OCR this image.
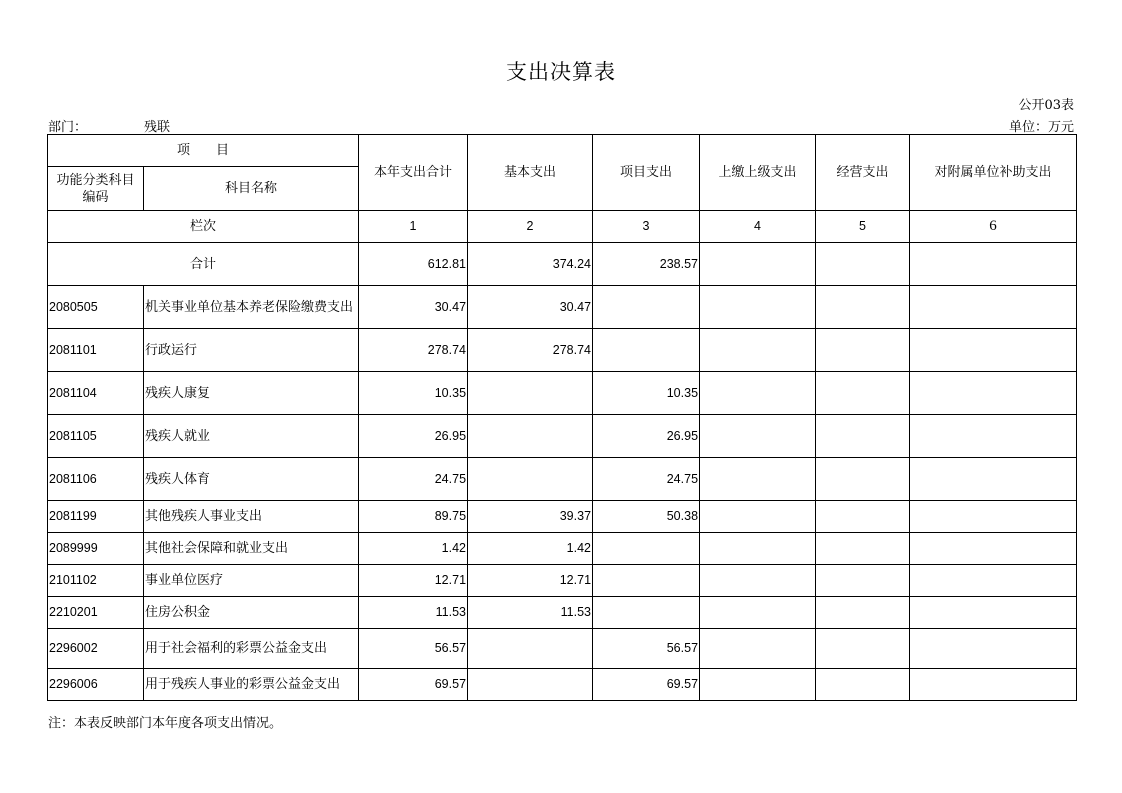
支出决算表
公开03表
部门：	残联	单位：万元
项　　目		本年支出合计	基本支出	项目支出	上缴上级支出	经营支出	对附属单位补助支出
功能分类科目编码	科目名称						
栏次		1	2	3	4	5	6
合计		612.81	374.24	238.57			
2080505	机关事业单位基本养老保险缴费支出	30.47	30.47				
2081101	行政运行	278.74	278.74				
2081104	残疾人康复	10.35		10.35			
2081105	残疾人就业	26.95		26.95			
2081106	残疾人体育	24.75		24.75			
2081199	其他残疾人事业支出	89.75	39.37	50.38			
2089999	其他社会保障和就业支出	1.42	1.42				
2101102	事业单位医疗	12.71	12.71				
2210201	住房公积金	11.53	11.53				
2296002	用于社会福利的彩票公益金支出	56.57		56.57			
2296006	用于残疾人事业的彩票公益金支出	69.57		69.57			
注：本表反映部门本年度各项支出情况。
